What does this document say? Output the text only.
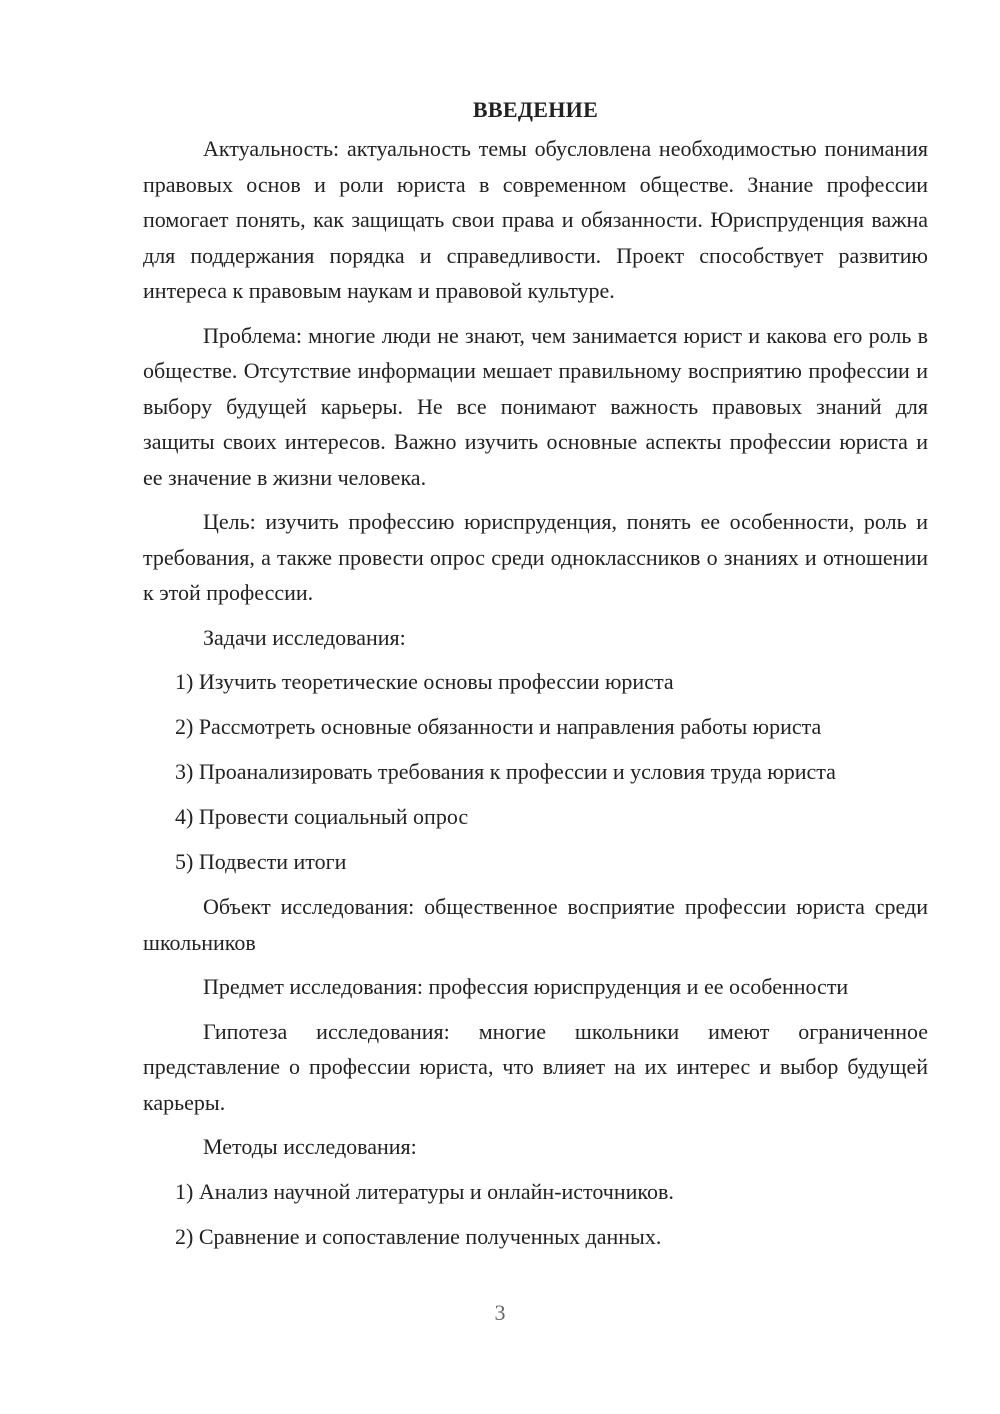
ВВЕДЕНИЕ

Актуальность: актуальность темы обусловлена необходимостью понимания правовых основ и роли юриста в современном обществе. Знание профессии помогает понять, как защищать свои права и обязанности. Юриспруденция важна для поддержания порядка и справедливости. Проект способствует развитию интереса к правовым наукам и правовой культуре.

Проблема: многие люди не знают, чем занимается юрист и какова его роль в обществе. Отсутствие информации мешает правильному восприятию профессии и выбору будущей карьеры. Не все понимают важность правовых знаний для защиты своих интересов. Важно изучить основные аспекты профессии юриста и ее значение в жизни человека.

Цель: изучить профессию юриспруденция, понять ее особенности, роль и требования, а также провести опрос среди одноклассников о знаниях и отношении к этой профессии.

Задачи исследования:

1) Изучить теоретические основы профессии юриста
2) Рассмотреть основные обязанности и направления работы юриста
3) Проанализировать требования к профессии и условия труда юриста
4) Провести социальный опрос
5) Подвести итоги

Объект исследования: общественное восприятие профессии юриста среди школьников

Предмет исследования: профессия юриспруденция и ее особенности

Гипотеза исследования: многие школьники имеют ограниченное представление о профессии юриста, что влияет на их интерес и выбор будущей карьеры.

Методы исследования:

1) Анализ научной литературы и онлайн-источников.
2) Сравнение и сопоставление полученных данных.
3
